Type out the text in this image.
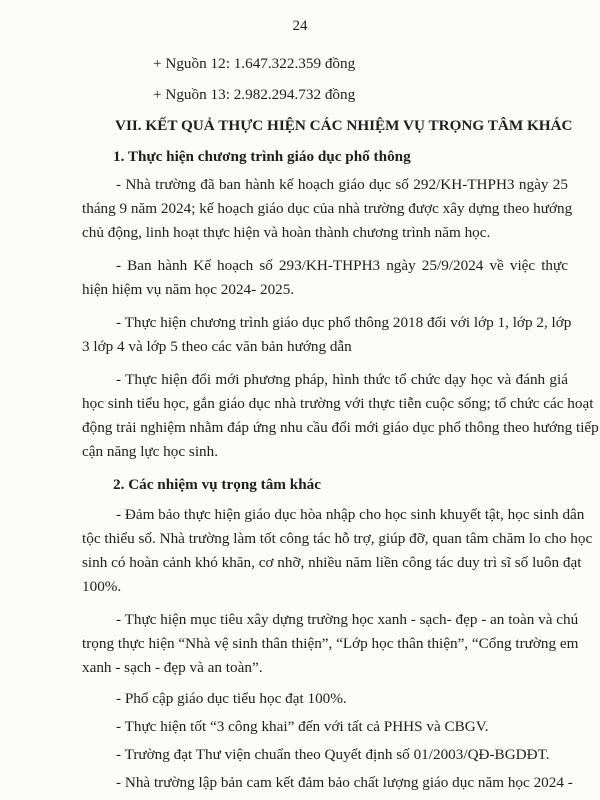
24
+ Nguồn 12: 1.647.322.359 đồng
+ Nguồn 13: 2.982.294.732 đồng
VII. KẾT QUẢ THỰC HIỆN CÁC NHIỆM VỤ TRỌNG TÂM KHÁC
1. Thực hiện chương trình giáo dục phổ thông
- Nhà trường đã ban hành kế hoạch giáo dục số 292/KH-THPH3 ngày 25
tháng 9 năm 2024; kế hoạch giáo dục của nhà trường được xây dựng theo hướng
chủ động, linh hoạt thực hiện và hoàn thành chương trình năm học.
- Ban hành Kế hoạch số 293/KH-THPH3 ngày 25/9/2024 về việc thực
hiện hiệm vụ năm học 2024- 2025.
- Thực hiện chương trình giáo dục phổ thông 2018 đối với lớp 1, lớp 2, lớp
3 lớp 4 và lớp 5 theo các văn bản hướng dẫn
- Thực hiện đổi mới phương pháp, hình thức tổ chức dạy học và đánh giá
học sinh tiểu học, gắn giáo dục nhà trường với thực tiễn cuộc sống; tổ chức các hoạt
động trải nghiệm nhằm đáp ứng nhu cầu đổi mới giáo dục phổ thông theo hướng tiếp
cận năng lực học sinh.
2. Các nhiệm vụ trọng tâm khác
- Đảm bảo thực hiện giáo dục hòa nhập cho học sinh khuyết tật, học sinh dân
tộc thiểu số. Nhà trường làm tốt công tác hỗ trợ, giúp đỡ, quan tâm chăm lo cho học
sinh có hoàn cảnh khó khăn, cơ nhỡ, nhiều năm liền công tác duy trì sĩ số luôn đạt
100%.
- Thực hiện mục tiêu xây dựng trường học xanh - sạch- đẹp - an toàn và chú
trọng thực hiện “Nhà vệ sinh thân thiện”, “Lớp học thân thiện”, “Cổng trường em
xanh - sạch - đẹp và an toàn”.
- Phổ cập giáo dục tiểu học đạt 100%.
- Thực hiện tốt “3 công khai” đến với tất cả PHHS và CBGV.
- Trường đạt Thư viện chuẩn theo Quyết định số 01/2003/QĐ-BGDĐT.
- Nhà trường lập bản cam kết đảm bảo chất lượng giáo dục năm học 2024 -
